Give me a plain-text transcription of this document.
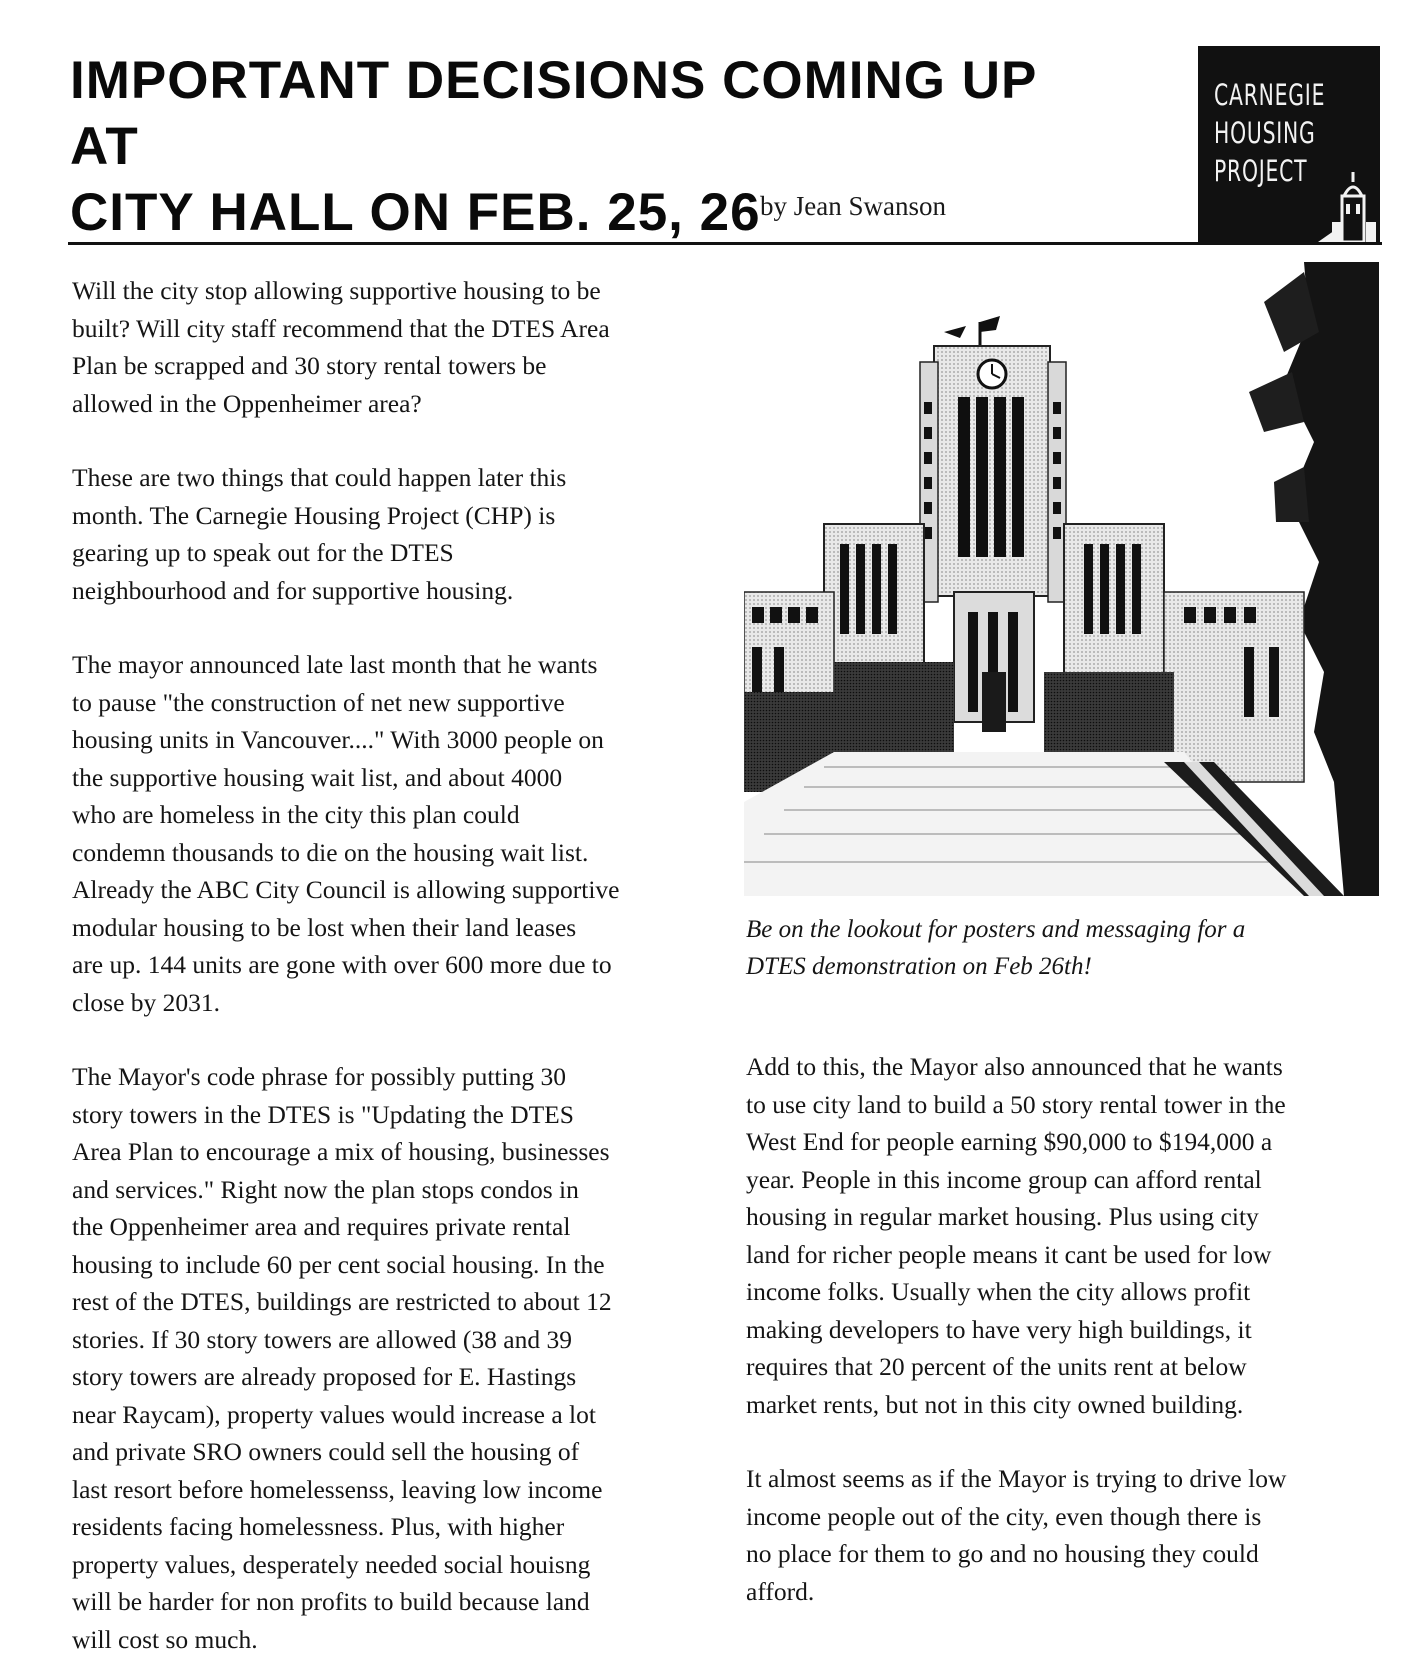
IMPORTANT DECISIONS COMING UP AT
CITY HALL ON FEB. 25, 26 by Jean Swanson
CARNEGIE
HOUSING
PROJECT

Will the city stop allowing supportive housing to be
built? Will city staff recommend that the DTES Area
Plan be scrapped and 30 story rental towers be
allowed in the Oppenheimer area?

These are two things that could happen later this
month. The Carnegie Housing Project (CHP) is
gearing up to speak out for the DTES
neighbourhood and for supportive housing.

The mayor announced late last month that he wants
to pause "the construction of net new supportive
housing units in Vancouver...." With 3000 people on
the supportive housing wait list, and about 4000
who are homeless in the city this plan could
condemn thousands to die on the housing wait list.
Already the ABC City Council is allowing supportive
modular housing to be lost when their land leases
are up. 144 units are gone with over 600 more due to
close by 2031.

The Mayor's code phrase for possibly putting 30
story towers in the DTES is "Updating the DTES
Area Plan to encourage a mix of housing, businesses
and services." Right now the plan stops condos in
the Oppenheimer area and requires private rental
housing to include 60 per cent social housing. In the
rest of the DTES, buildings are restricted to about 12
stories. If 30 story towers are allowed (38 and 39
story towers are already proposed for E. Hastings
near Raycam), property values would increase a lot
and private SRO owners could sell the housing of
last resort before homelessenss, leaving low income
residents facing homelessness. Plus, with higher
property values, desperately needed social houisng
will be harder for non profits to build because land
will cost so much.

Be on the lookout for posters and messaging for a
DTES demonstration on Feb 26th!

Add to this, the Mayor also announced that he wants
to use city land to build a 50 story rental tower in the
West End for people earning $90,000 to $194,000 a
year. People in this income group can afford rental
housing in regular market housing. Plus using city
land for richer people means it cant be used for low
income folks. Usually when the city allows profit
making developers to have very high buildings, it
requires that 20 percent of the units rent at below
market rents, but not in this city owned building.

It almost seems as if the Mayor is trying to drive low
income people out of the city, even though there is
no place for them to go and no housing they could
afford.
